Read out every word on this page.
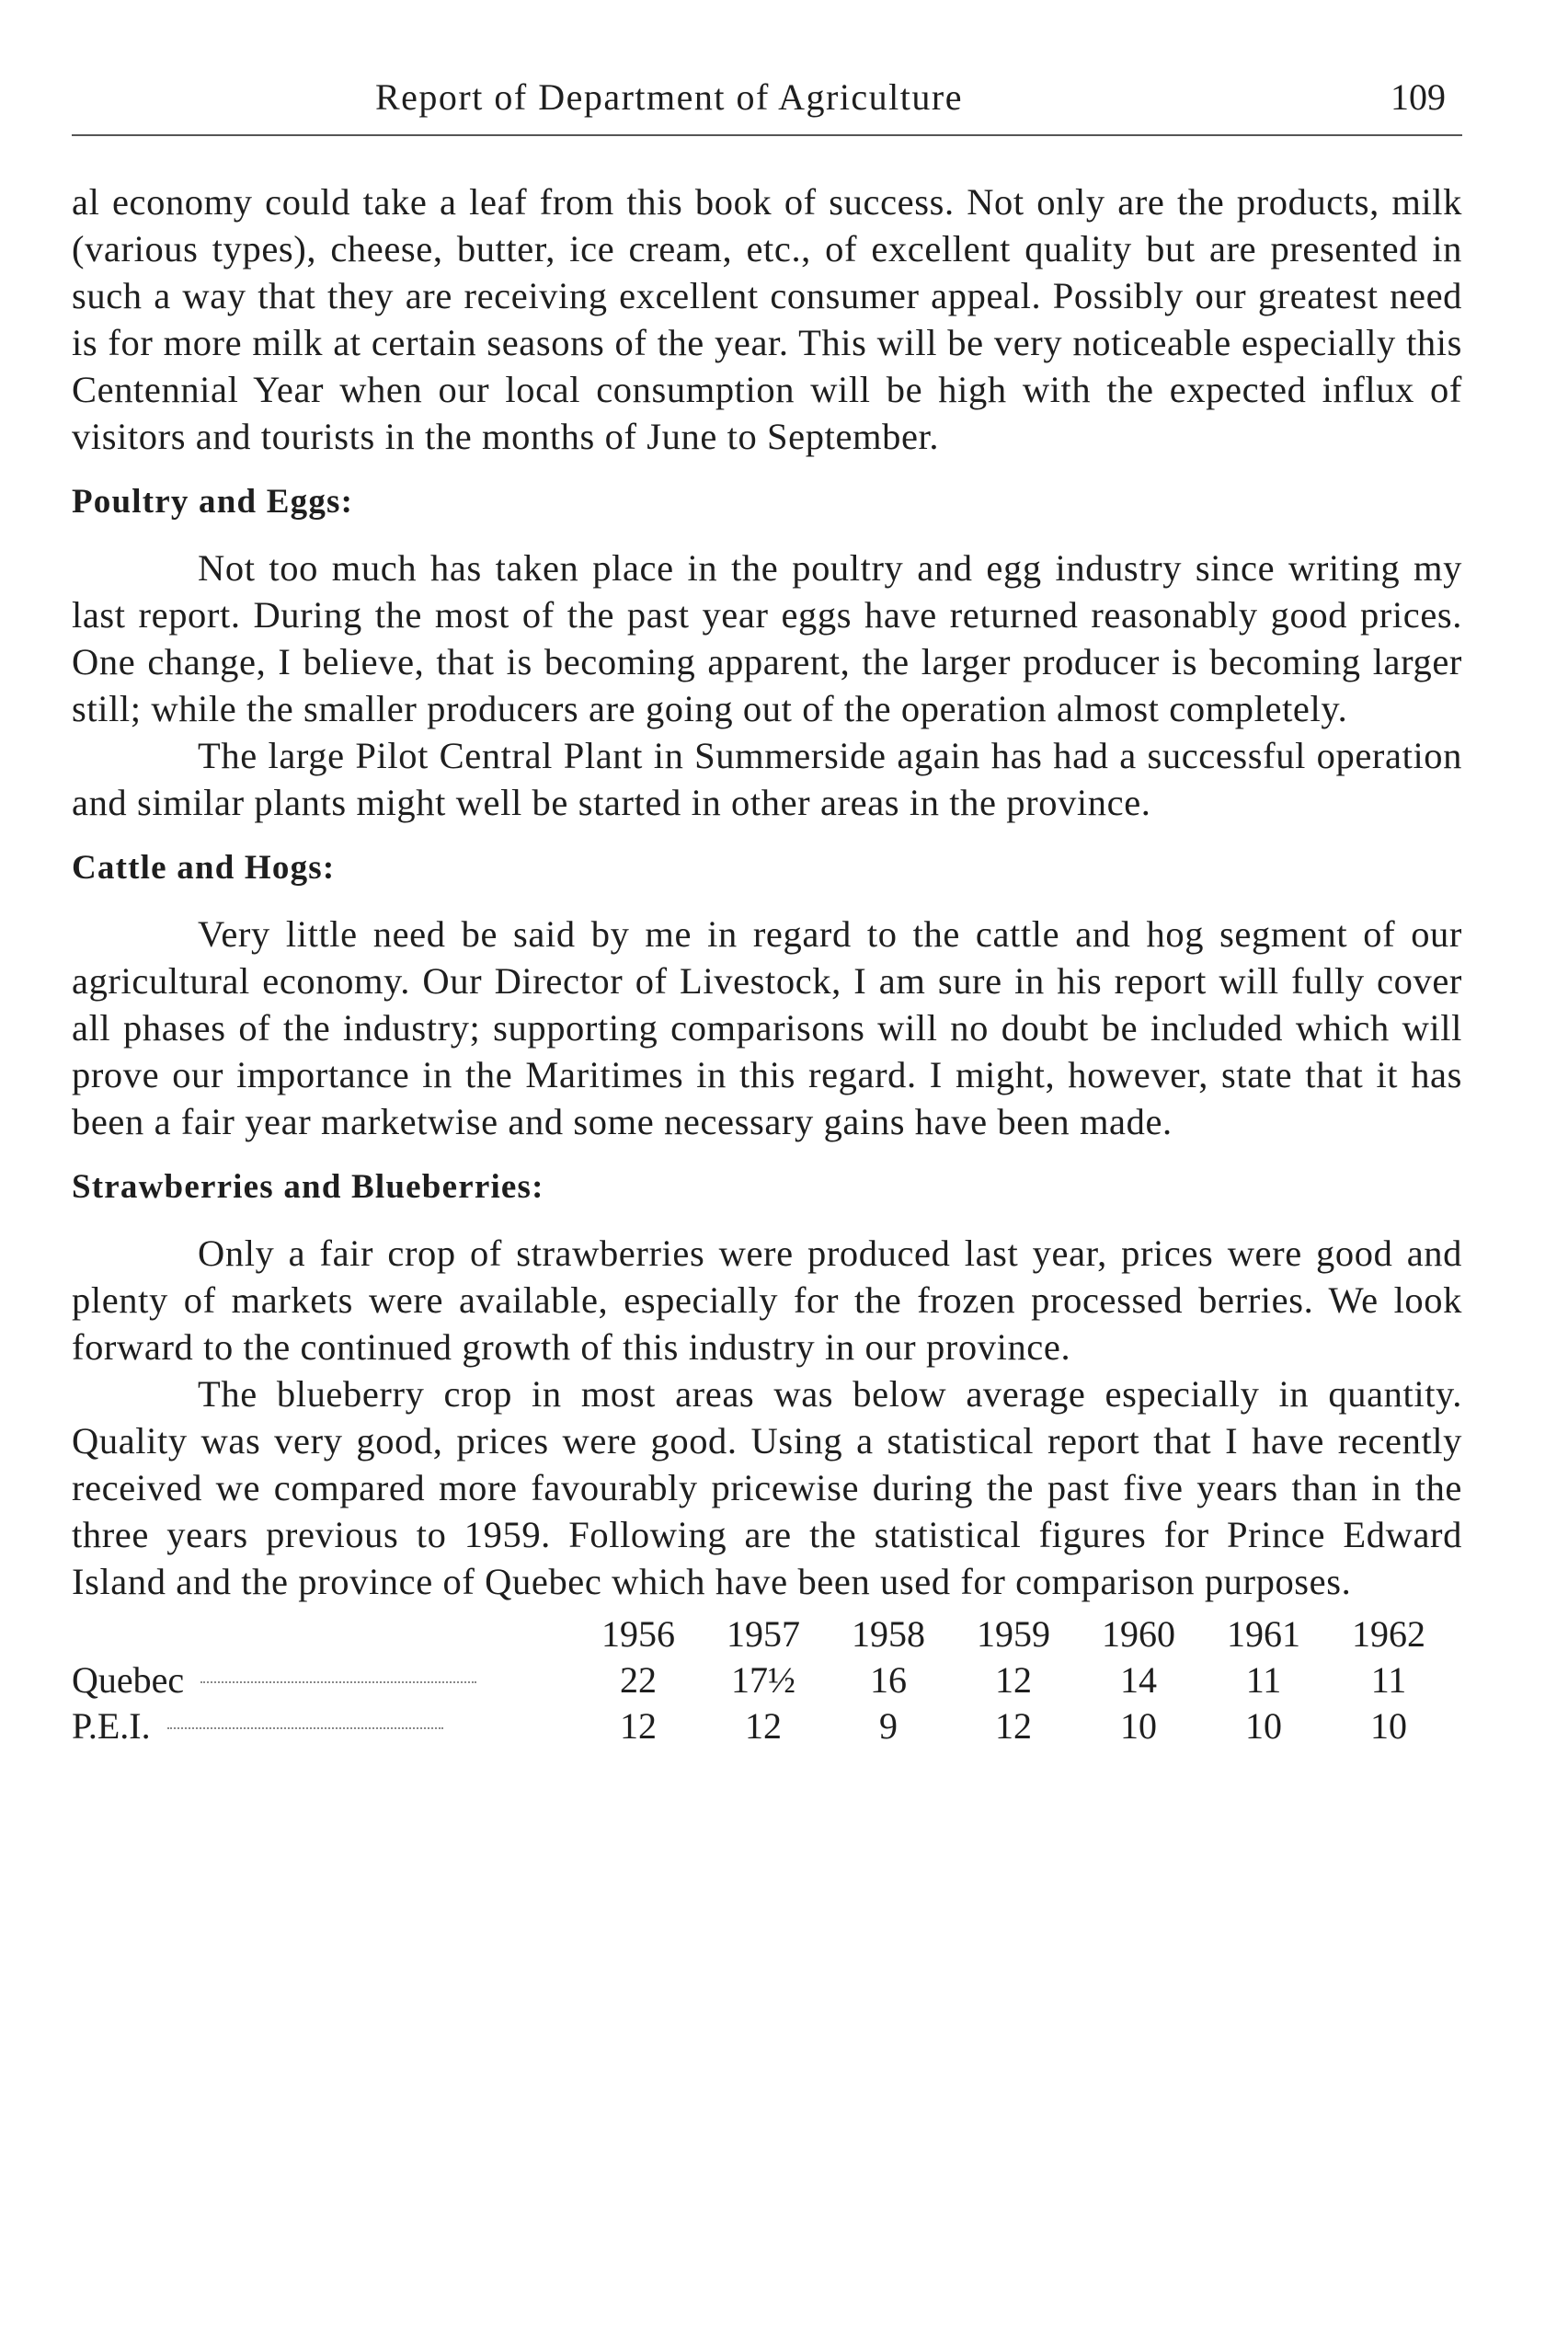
Report of Department of Agriculture	109

al economy could take a leaf from this book of success. Not only are the products, milk (various types), cheese, butter, ice cream, etc., of excellent quality but are presented in such a way that they are receiving excellent consumer appeal. Possibly our greatest need is for more milk at certain seasons of the year. This will be very noticeable especially this Centennial Year when our local consumption will be high with the expected influx of visitors and tourists in the months of June to September.

Poultry and Eggs:

Not too much has taken place in the poultry and egg industry since writing my last report. During the most of the past year eggs have returned reasonably good prices. One change, I believe, that is becoming apparent, the larger producer is becoming larger still; while the smaller producers are going out of the operation almost completely.

The large Pilot Central Plant in Summerside again has had a successful operation and similar plants might well be started in other areas in the province.

Cattle and Hogs:

Very little need be said by me in regard to the cattle and hog segment of our agricultural economy. Our Director of Livestock, I am sure in his report will fully cover all phases of the industry; supporting comparisons will no doubt be included which will prove our importance in the Maritimes in this regard. I might, however, state that it has been a fair year marketwise and some necessary gains have been made.

Strawberries and Blueberries:

Only a fair crop of strawberries were produced last year, prices were good and plenty of markets were available, especially for the frozen processed berries. We look forward to the continued growth of this industry in our province.

The blueberry crop in most areas was below average especially in quantity. Quality was very good, prices were good. Using a statistical report that I have recently received we compared more favourably pricewise during the past five years than in the three years previous to 1959. Following are the statistical figures for Prince Edward Island and the province of Quebec which have been used for comparison purposes.

	1956	1957	1958	1959	1960	1961	1962
Quebec	22	17½	16	12	14	11	11
P.E.I.	12	12	9	12	10	10	10
